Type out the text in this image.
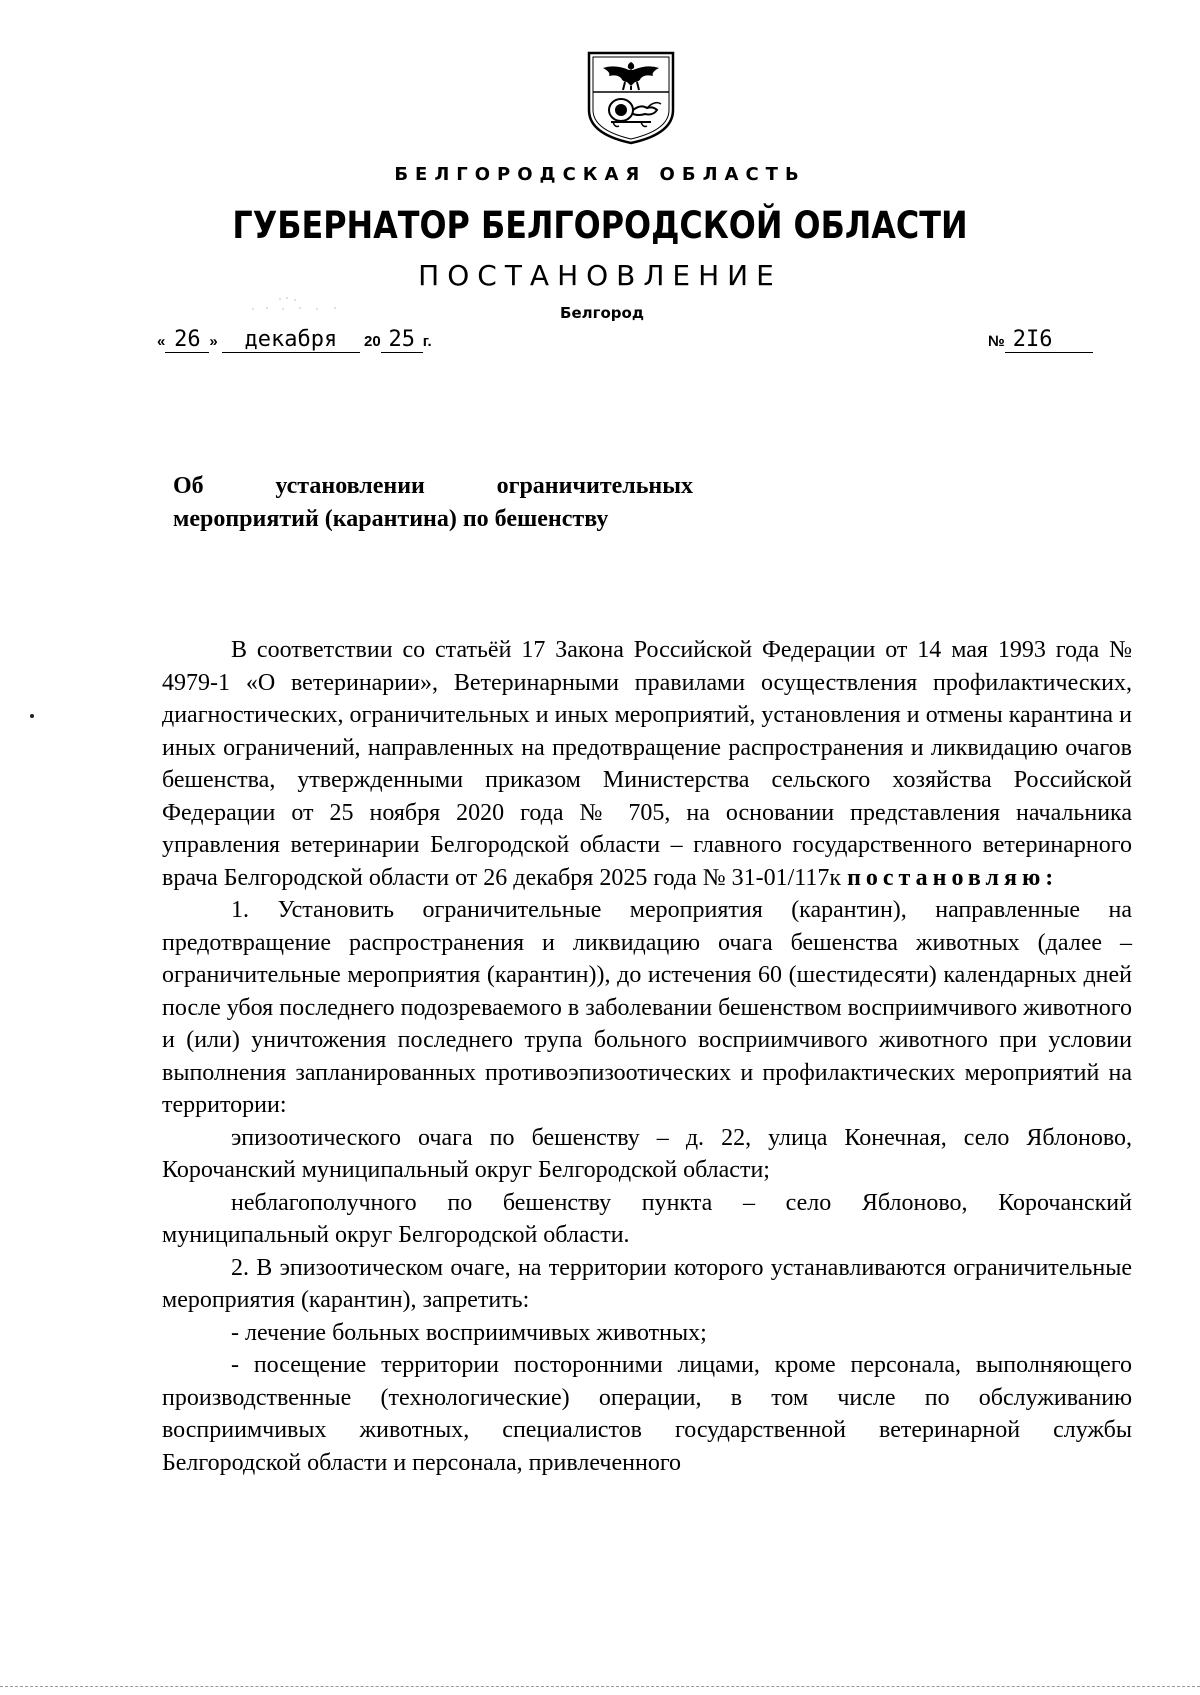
БЕЛГОРОДСКАЯ ОБЛАСТЬ
ГУБЕРНАТОР БЕЛГОРОДСКОЙ ОБЛАСТИ
ПОСТАНОВЛЕНИЕ
Белгород
« 26 » декабря 20 25 г.	№ 2I6
Об	установлении	ограничительных
мероприятий (карантина) по бешенству

В соответствии со статьёй 17 Закона Российской Федерации от 14 мая 1993 года № 4979-1 «О ветеринарии», Ветеринарными правилами осуществления профилактических, диагностических, ограничительных и иных мероприятий, установления и отмены карантина и иных ограничений, направленных на предотвращение распространения и ликвидацию очагов бешенства, утвержденными приказом Министерства сельского хозяйства Российской Федерации от 25 ноября 2020 года № 705, на основании представления начальника управления ветеринарии Белгородской области – главного государственного ветеринарного врача Белгородской области от 26 декабря 2025 года № 31-01/117к постановляю:

1. Установить ограничительные мероприятия (карантин), направленные на предотвращение распространения и ликвидацию очага бешенства животных (далее – ограничительные мероприятия (карантин)), до истечения 60 (шестидесяти) календарных дней после убоя последнего подозреваемого в заболевании бешенством восприимчивого животного и (или) уничтожения последнего трупа больного восприимчивого животного при условии выполнения запланированных противоэпизоотических и профилактических мероприятий на территории:

эпизоотического очага по бешенству – д. 22, улица Конечная, село Яблоново, Корочанский муниципальный округ Белгородской области;

неблагополучного по бешенству пункта – село Яблоново, Корочанский муниципальный округ Белгородской области.

2. В эпизоотическом очаге, на территории которого устанавливаются ограничительные мероприятия (карантин), запретить:

- лечение больных восприимчивых животных;

- посещение территории посторонними лицами, кроме персонала, выполняющего производственные (технологические) операции, в том числе по обслуживанию восприимчивых животных, специалистов государственной ветеринарной службы Белгородской области и персонала, привлеченного
